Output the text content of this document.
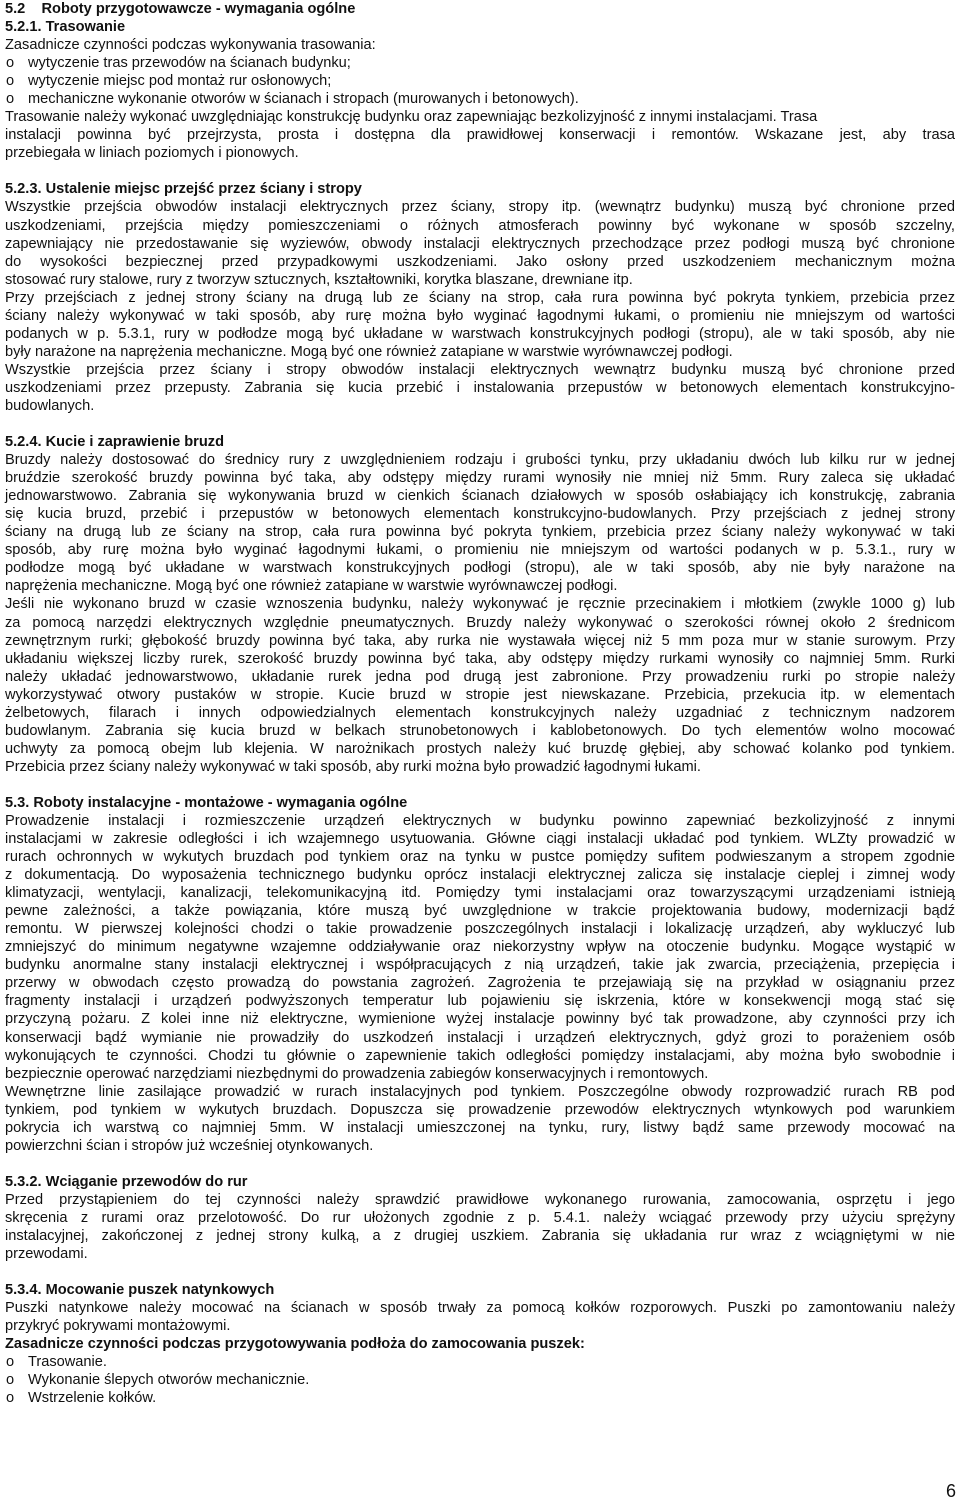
5.2    Roboty przygotowawcze - wymagania ogólne
5.2.1. Trasowanie
Zasadnicze czynności podczas wykonywania trasowania:
o wytyczenie tras przewodów na ścianach budynku;
o wytyczenie miejsc pod montaż rur osłonowych;
o mechaniczne wykonanie otworów w ścianach i stropach (murowanych i betonowych).
Trasowanie należy wykonać uwzględniając konstrukcję budynku oraz zapewniając bezkolizyjność z innymi instalacjami. Trasa
instalacji powinna być przejrzysta, prosta i dostępna dla prawidłowej konserwacji i remontów. Wskazane jest, aby trasa
przebiegała w liniach poziomych i pionowych.
5.2.3. Ustalenie miejsc przejść przez ściany i stropy
Wszystkie przejścia obwodów instalacji elektrycznych przez ściany, stropy itp. (wewnątrz budynku) muszą być chronione przed
uszkodzeniami, przejścia między pomieszczeniami o różnych atmosferach powinny być wykonane w sposób szczelny,
zapewniający nie przedostawanie się wyziewów, obwody instalacji elektrycznych przechodzące przez podłogi muszą być chronione
do wysokości bezpiecznej przed przypadkowymi uszkodzeniami. Jako osłony przed uszkodzeniem mechanicznym można
stosować rury stalowe, rury z tworzyw sztucznych, kształtowniki, korytka blaszane, drewniane itp.
Przy przejściach z jednej strony ściany na drugą lub ze ściany na strop, cała rura powinna być pokryta tynkiem, przebicia przez
ściany należy wykonywać w taki sposób, aby rurę można było wyginać łagodnymi łukami, o promieniu nie mniejszym od wartości
podanych w p. 5.3.1, rury w podłodze mogą być układane w warstwach konstrukcyjnych podłogi (stropu), ale w taki sposób, aby nie
były narażone na naprężenia mechaniczne. Mogą być one również zatapiane w warstwie wyrównawczej podłogi.
Wszystkie przejścia przez ściany i stropy obwodów instalacji elektrycznych wewnątrz budynku muszą być chronione przed
uszkodzeniami przez przepusty. Zabrania się kucia przebić i instalowania przepustów w betonowych elementach konstrukcyjno-
budowlanych.
5.2.4. Kucie i zaprawienie bruzd
Bruzdy należy dostosować do średnicy rury z uwzględnieniem rodzaju i grubości tynku, przy układaniu dwóch lub kilku rur w jednej
bruździe szerokość bruzdy powinna być taka, aby odstępy między rurami wynosiły nie mniej niż 5mm. Rury zaleca się układać
jednowarstwowo. Zabrania się wykonywania bruzd w cienkich ścianach działowych w sposób osłabiający ich konstrukcję, zabrania
się kucia bruzd, przebić i przepustów w betonowych elementach konstrukcyjno-budowlanych. Przy przejściach z jednej strony
ściany na drugą lub ze ściany na strop, cała rura powinna być pokryta tynkiem, przebicia przez ściany należy wykonywać w taki
sposób, aby rurę można było wyginać łagodnymi łukami, o promieniu nie mniejszym od wartości podanych w p. 5.3.1., rury w
podłodze mogą być układane w warstwach konstrukcyjnych podłogi (stropu), ale w taki sposób, aby nie były narażone na
naprężenia mechaniczne. Mogą być one również zatapiane w warstwie wyrównawczej podłogi.
Jeśli nie wykonano bruzd w czasie wznoszenia budynku, należy wykonywać je ręcznie przecinakiem i młotkiem (zwykle 1000 g) lub
za pomocą narzędzi elektrycznych względnie pneumatycznych. Bruzdy należy wykonywać o szerokości równej około 2 średnicom
zewnętrznym rurki; głębokość bruzdy powinna być taka, aby rurka nie wystawała więcej niż 5 mm poza mur w stanie surowym. Przy
układaniu większej liczby rurek, szerokość bruzdy powinna być taka, aby odstępy między rurkami wynosiły co najmniej 5mm. Rurki
należy układać jednowarstwowo, układanie rurek jedna pod drugą jest zabronione. Przy prowadzeniu rurki po stropie należy
wykorzystywać otwory pustaków w stropie. Kucie bruzd w stropie jest niewskazane. Przebicia, przekucia itp. w elementach
żelbetowych, filarach i innych odpowiedzialnych elementach konstrukcyjnych należy uzgadniać z technicznym nadzorem
budowlanym. Zabrania się kucia bruzd w belkach strunobetonowych i kablobetonowych. Do tych elementów wolno mocować
uchwyty za pomocą obejm lub klejenia. W narożnikach prostych należy kuć bruzdę głębiej, aby schować kolanko pod tynkiem.
Przebicia przez ściany należy wykonywać w taki sposób, aby rurki można było prowadzić łagodnymi łukami.
5.3. Roboty instalacyjne - montażowe - wymagania ogólne
Prowadzenie instalacji i rozmieszczenie urządzeń elektrycznych w budynku powinno zapewniać bezkolizyjność z innymi
instalacjami w zakresie odległości i ich wzajemnego usytuowania. Główne ciągi instalacji układać pod tynkiem. WLZty prowadzić w
rurach ochronnych w wykutych bruzdach pod tynkiem oraz na tynku w pustce pomiędzy sufitem podwieszanym a stropem zgodnie
z dokumentacją. Do wyposażenia technicznego budynku oprócz instalacji elektrycznej zalicza się instalacje cieplej i zimnej wody
klimatyzacji, wentylacji, kanalizacji, telekomunikacyjną itd. Pomiędzy tymi instalacjami oraz towarzyszącymi urządzeniami istnieją
pewne zależności, a także powiązania, które muszą być uwzględnione w trakcie projektowania budowy, modernizacji bądź
remontu. W pierwszej kolejności chodzi o takie prowadzenie poszczególnych instalacji i lokalizację urządzeń, aby wykluczyć lub
zmniejszyć do minimum negatywne wzajemne oddziaływanie oraz niekorzystny wpływ na otoczenie budynku. Mogące wystąpić w
budynku anormalne stany instalacji elektrycznej i współpracujących z nią urządzeń, takie jak zwarcia, przeciążenia, przepięcia i
przerwy w obwodach często prowadzą do powstania zagrożeń. Zagrożenia te przejawiają się na przykład w osiągnaniu przez
fragmenty instalacji i urządzeń podwyższonych temperatur lub pojawieniu się iskrzenia, które w konsekwencji mogą stać się
przyczyną pożaru. Z kolei inne niż elektryczne, wymienione wyżej instalacje powinny być tak prowadzone, aby czynności przy ich
konserwacji bądź wymianie nie prowadziły do uszkodzeń instalacji i urządzeń elektrycznych, gdyż grozi to porażeniem osób
wykonujących te czynności. Chodzi tu głównie o zapewnienie takich odległości pomiędzy instalacjami, aby można było swobodnie i
bezpiecznie operować narzędziami niezbędnymi do prowadzenia zabiegów konserwacyjnych i remontowych.
Wewnętrzne linie zasilające prowadzić w rurach instalacyjnych pod tynkiem. Poszczególne obwody rozprowadzić rurach RB pod
tynkiem, pod tynkiem w wykutych bruzdach. Dopuszcza się prowadzenie przewodów elektrycznych wtynkowych pod warunkiem
pokrycia ich warstwą co najmniej 5mm. W instalacji umieszczonej na tynku, rury, listwy bądź same przewody mocować na
powierzchni ścian i stropów już wcześniej otynkowanych.
5.3.2. Wciąganie przewodów do rur
Przed przystąpieniem do tej czynności należy sprawdzić prawidłowe wykonanego rurowania, zamocowania, osprzętu i jego
skręcenia z rurami oraz przelotowość. Do rur ułożonych zgodnie z p. 5.4.1. należy wciągać przewody przy użyciu sprężyny
instalacyjnej, zakończonej z jednej strony kulką, a z drugiej uszkiem. Zabrania się układania rur wraz z wciągniętymi w nie
przewodami.
5.3.4. Mocowanie puszek natynkowych
Puszki natynkowe należy mocować na ścianach w sposób trwały za pomocą kołków rozporowych. Puszki po zamontowaniu należy
przykryć pokrywami montażowymi.
Zasadnicze czynności podczas przygotowywania podłoża do zamocowania puszek:
o Trasowanie.
o Wykonanie ślepych otworów mechanicznie.
o Wstrzelenie kołków.
6
